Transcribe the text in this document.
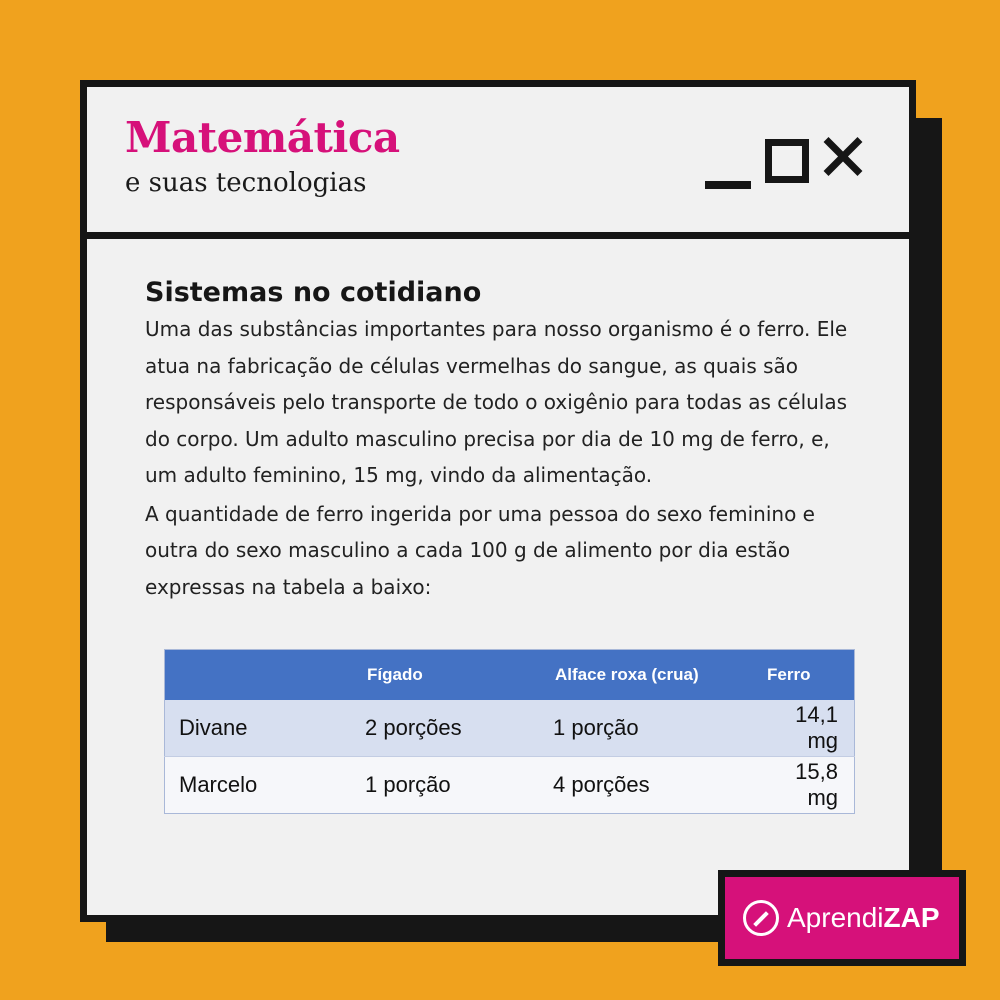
Matemática

e suas tecnologias

Sistemas no cotidiano

Uma das substâncias importantes para nosso organismo é o ferro. Ele atua na fabricação de células vermelhas do sangue, as quais são responsáveis pelo transporte de todo o oxigênio para todas as células do corpo. Um adulto masculino precisa por dia de 10 mg de ferro, e, um adulto feminino, 15 mg, vindo da alimentação.

A quantidade de ferro ingerida por uma pessoa do sexo feminino e outra do sexo masculino a cada 100 g de alimento por dia estão expressas na tabela a baixo:

	Fígado	Alface roxa (crua)	Ferro
Divane	2 porções	1 porção	14,1 mg
Marcelo	1 porção	4 porções	15,8 mg
AprendiZAP
